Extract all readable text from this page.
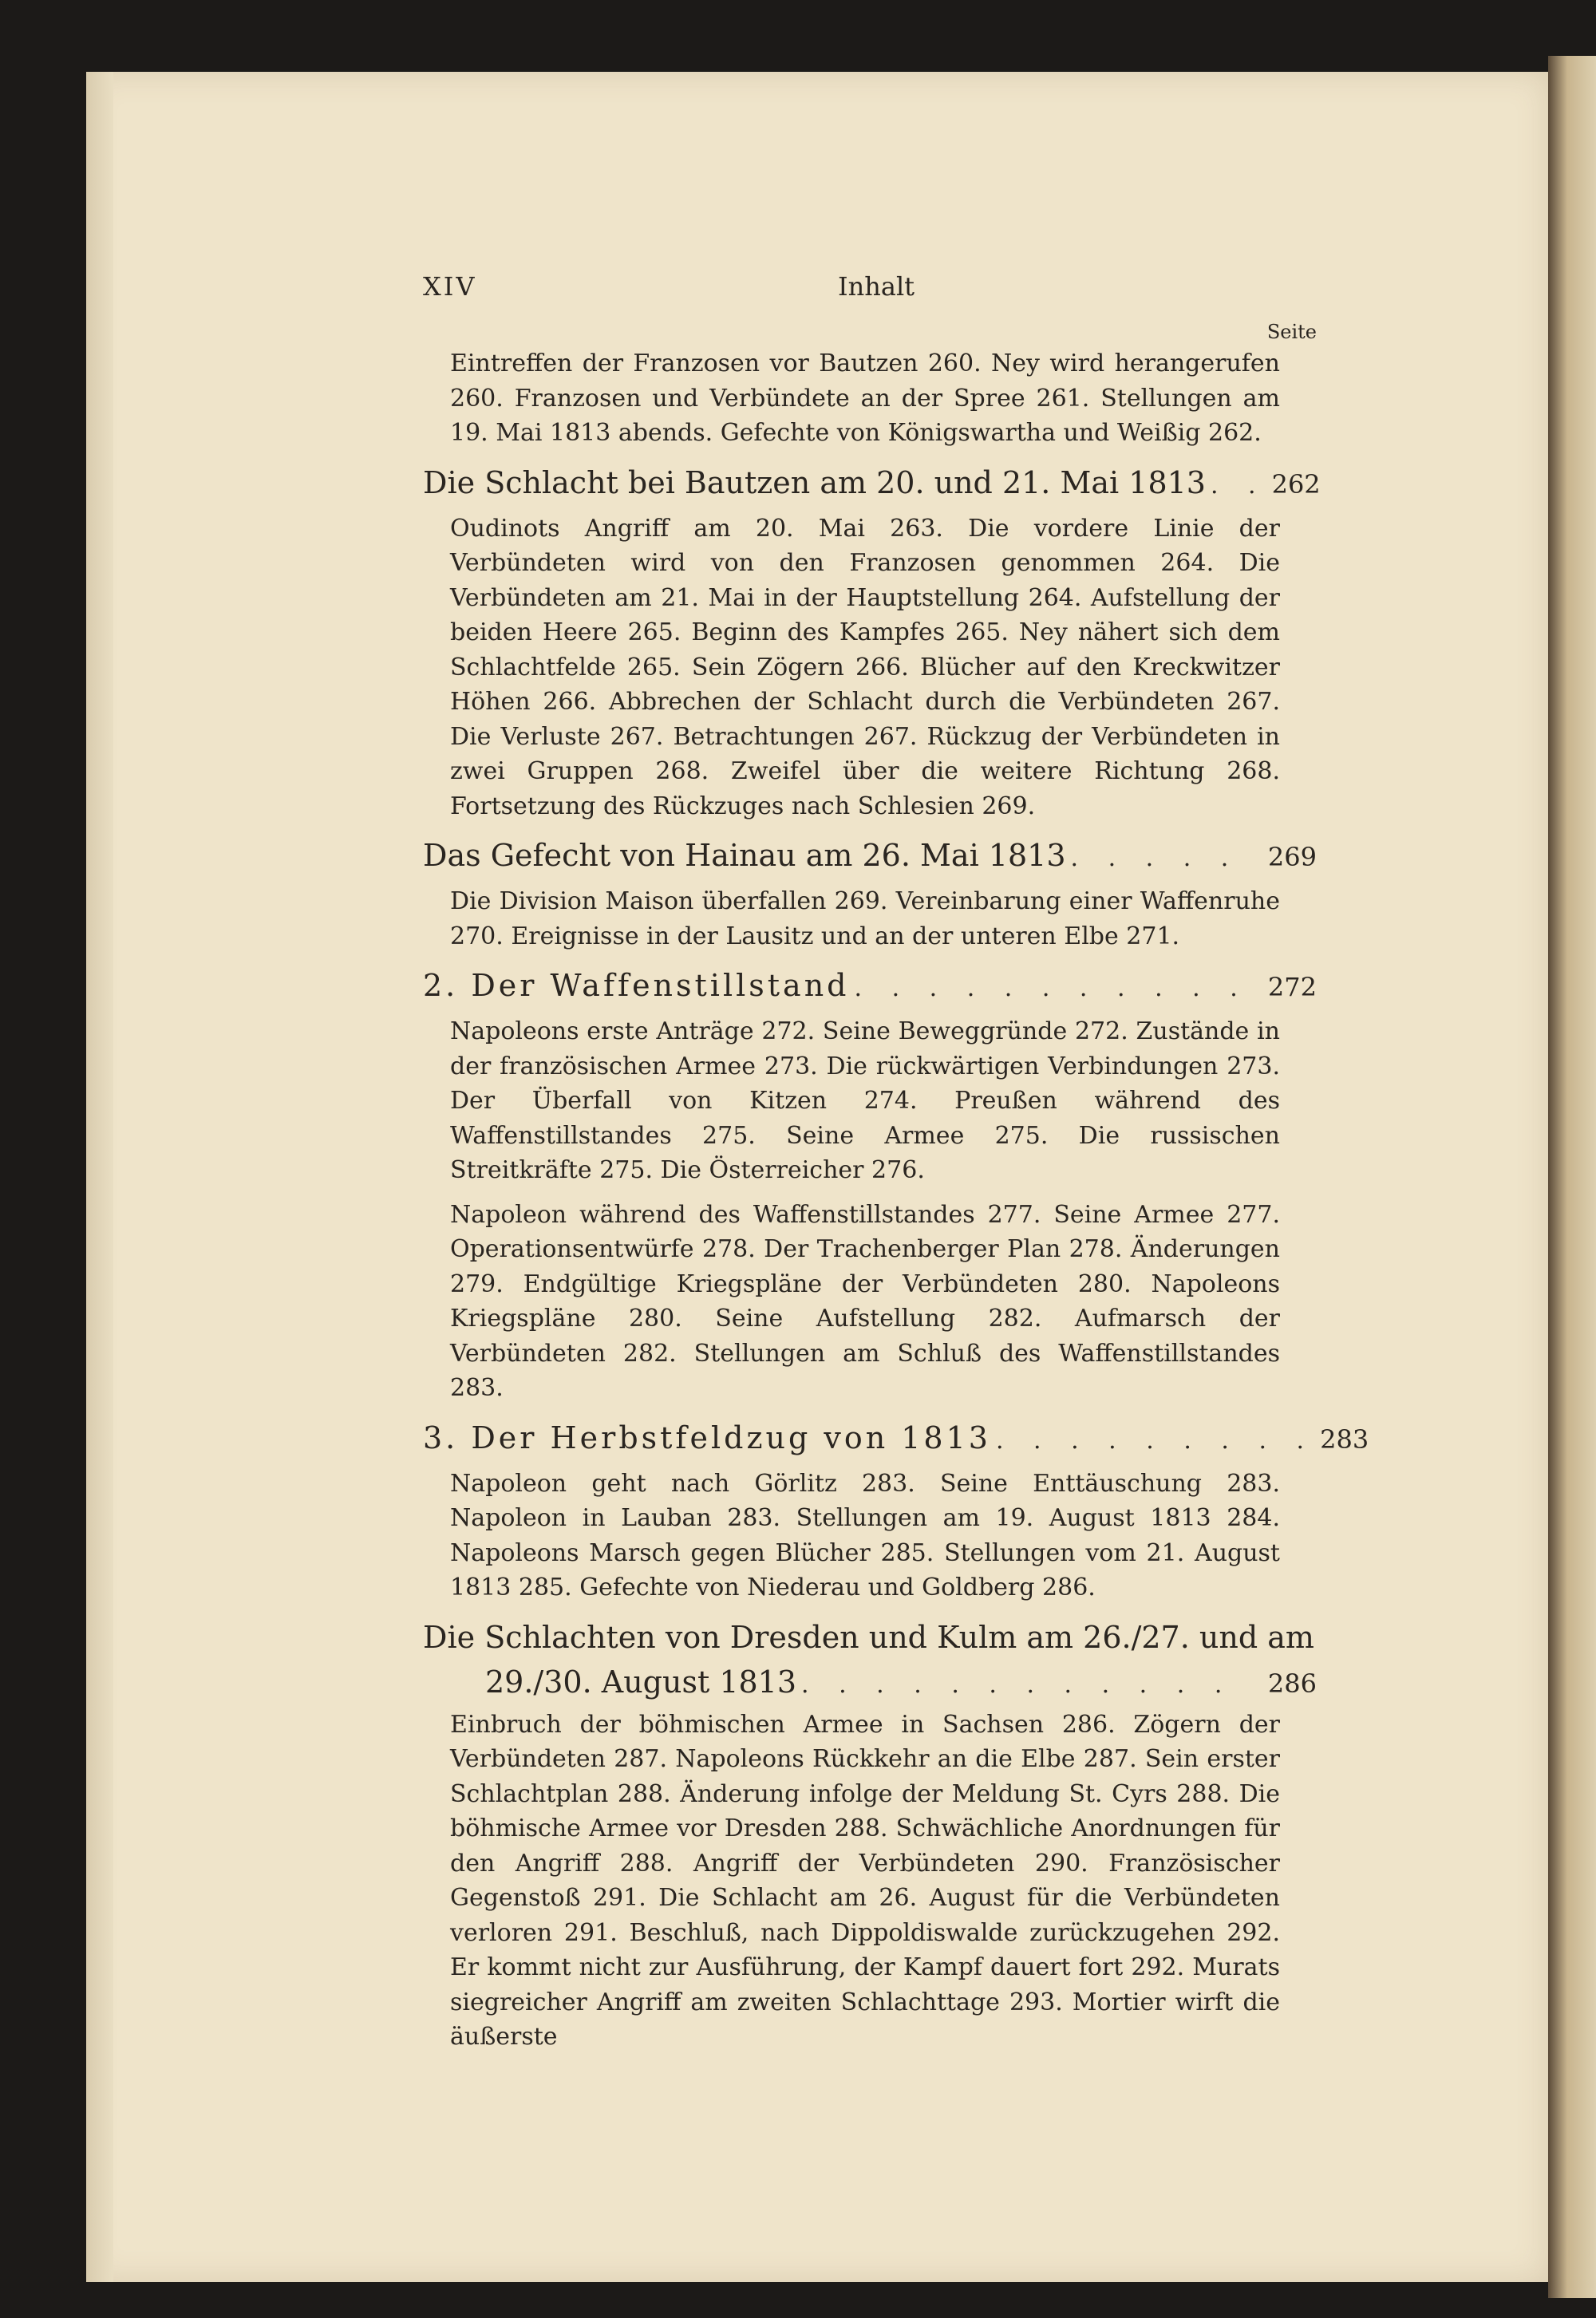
XIV	Inhalt
Seite

Eintreffen der Franzosen vor Bautzen 260. Ney wird herangerufen 260. Franzosen und Verbündete an der Spree 261. Stellungen am 19. Mai 1813 abends. Gefechte von Königswartha und Weißig 262.

Die Schlacht bei Bautzen am 20. und 21. Mai 1813 . . 262

Oudinots Angriff am 20. Mai 263. Die vordere Linie der Verbündeten wird von den Franzosen genommen 264. Die Verbündeten am 21. Mai in der Hauptstellung 264. Aufstellung der beiden Heere 265. Beginn des Kampfes 265. Ney nähert sich dem Schlachtfelde 265. Sein Zögern 266. Blücher auf den Kreckwitzer Höhen 266. Abbrechen der Schlacht durch die Verbündeten 267. Die Verluste 267. Betrachtungen 267. Rückzug der Verbündeten in zwei Gruppen 268. Zweifel über die weitere Richtung 268. Fortsetzung des Rückzuges nach Schlesien 269.

Das Gefecht von Hainau am 26. Mai 1813 . . . . .	269

Die Division Maison überfallen 269. Vereinbarung einer Waffenruhe 270. Ereignisse in der Lausitz und an der unteren Elbe 271.

2. Der Waffenstillstand . . . . . . . . . . . 272

Napoleons erste Anträge 272. Seine Beweggründe 272. Zustände in der französischen Armee 273. Die rückwärtigen Verbindungen 273. Der Überfall von Kitzen 274. Preußen während des Waffenstillstandes 275. Seine Armee 275. Die russischen Streitkräfte 275. Die Österreicher 276.

Napoleon während des Waffenstillstandes 277. Seine Armee 277. Operationsentwürfe 278. Der Trachenberger Plan 278. Änderungen 279. Endgültige Kriegspläne der Verbündeten 280. Napoleons Kriegspläne 280. Seine Aufstellung 282. Aufmarsch der Verbündeten 282. Stellungen am Schluß des Waffenstillstandes 283.

3. Der Herbstfeldzug von 1813 . . . . . . . . . 283

Napoleon geht nach Görlitz 283. Seine Enttäuschung 283. Napoleon in Lauban 283. Stellungen am 19. August 1813 284. Napoleons Marsch gegen Blücher 285. Stellungen vom 21. August 1813 285. Gefechte von Niederau und Goldberg 286.

Die Schlachten von Dresden und Kulm am 26./27. und am
29./30. August 1813 . . . . . . . . . . . .	286

Einbruch der böhmischen Armee in Sachsen 286. Zögern der Verbündeten 287. Napoleons Rückkehr an die Elbe 287. Sein erster Schlachtplan 288. Änderung infolge der Meldung St. Cyrs 288. Die böhmische Armee vor Dresden 288. Schwächliche Anordnungen für den Angriff 288. Angriff der Verbündeten 290. Französischer Gegenstoß 291. Die Schlacht am 26. August für die Verbündeten verloren 291. Beschluß, nach Dippoldiswalde zurückzugehen 292. Er kommt nicht zur Ausführung, der Kampf dauert fort 292. Murats siegreicher Angriff am zweiten Schlachttage 293. Mortier wirft die äußerste
